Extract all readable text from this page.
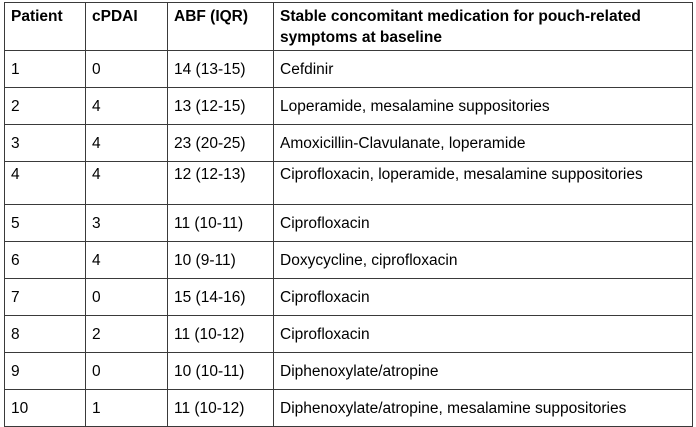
Patient	cPDAI	ABF (IQR)	Stable concomitant medication for pouch-related symptoms at baseline
1	0	14 (13-15)	Cefdinir
2	4	13 (12-15)	Loperamide, mesalamine suppositories
3	4	23 (20-25)	Amoxicillin-Clavulanate, loperamide
4	4	12 (12-13)	Ciprofloxacin, loperamide, mesalamine suppositories
5	3	11 (10-11)	Ciprofloxacin
6	4	10 (9-11)	Doxycycline, ciprofloxacin
7	0	15 (14-16)	Ciprofloxacin
8	2	11 (10-12)	Ciprofloxacin
9	0	10 (10-11)	Diphenoxylate/atropine
10	1	11 (10-12)	Diphenoxylate/atropine, mesalamine suppositories
